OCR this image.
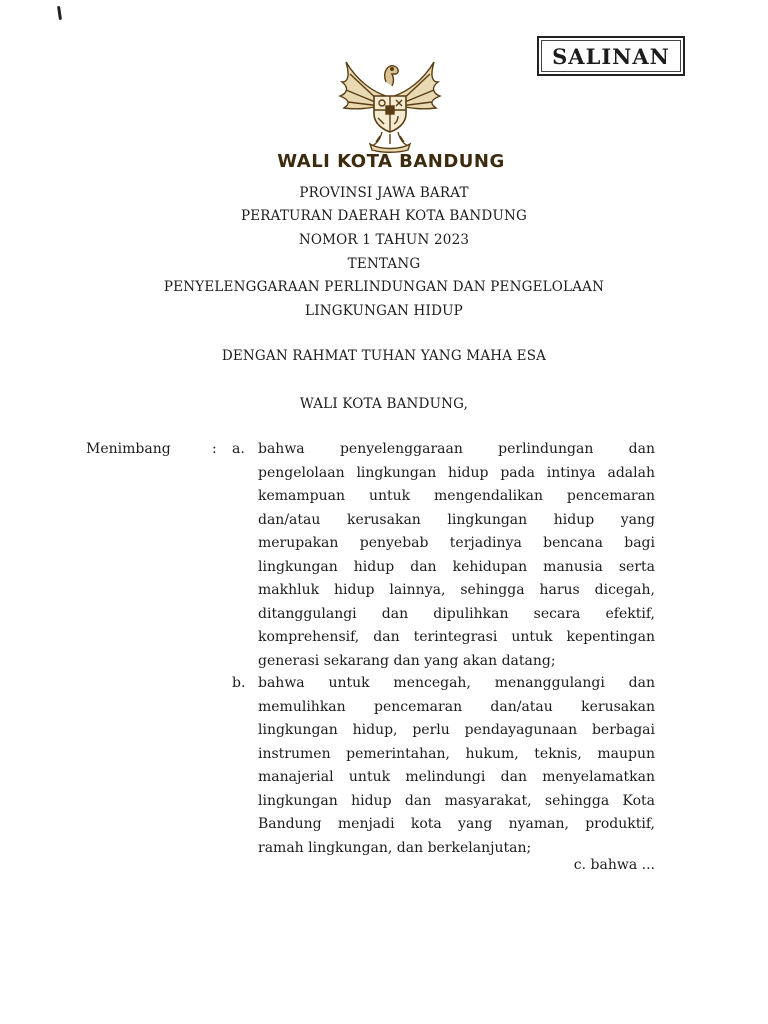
SALINAN
WALI KOTA BANDUNG
PROVINSI JAWA BARAT
PERATURAN DAERAH KOTA BANDUNG
NOMOR 1 TAHUN 2023
TENTANG
PENYELENGGARAAN PERLINDUNGAN DAN PENGELOLAAN
LINGKUNGAN HIDUP
DENGAN RAHMAT TUHAN YANG MAHA ESA
WALI KOTA BANDUNG,
Menimbang	: a. bahwa penyelenggaraan perlindungan dan
pengelolaan lingkungan hidup pada intinya adalah
kemampuan untuk mengendalikan pencemaran
dan/atau kerusakan lingkungan hidup yang
merupakan penyebab terjadinya bencana bagi
lingkungan hidup dan kehidupan manusia serta
makhluk hidup lainnya, sehingga harus dicegah,
ditanggulangi dan dipulihkan secara efektif,
komprehensif, dan terintegrasi untuk kepentingan
generasi sekarang dan yang akan datang;
b. bahwa untuk mencegah, menanggulangi dan
memulihkan pencemaran dan/atau kerusakan
lingkungan hidup, perlu pendayagunaan berbagai
instrumen pemerintahan, hukum, teknis, maupun
manajerial untuk melindungi dan menyelamatkan
lingkungan hidup dan masyarakat, sehingga Kota
Bandung menjadi kota yang nyaman, produktif,
ramah lingkungan, dan berkelanjutan;
c. bahwa ...
